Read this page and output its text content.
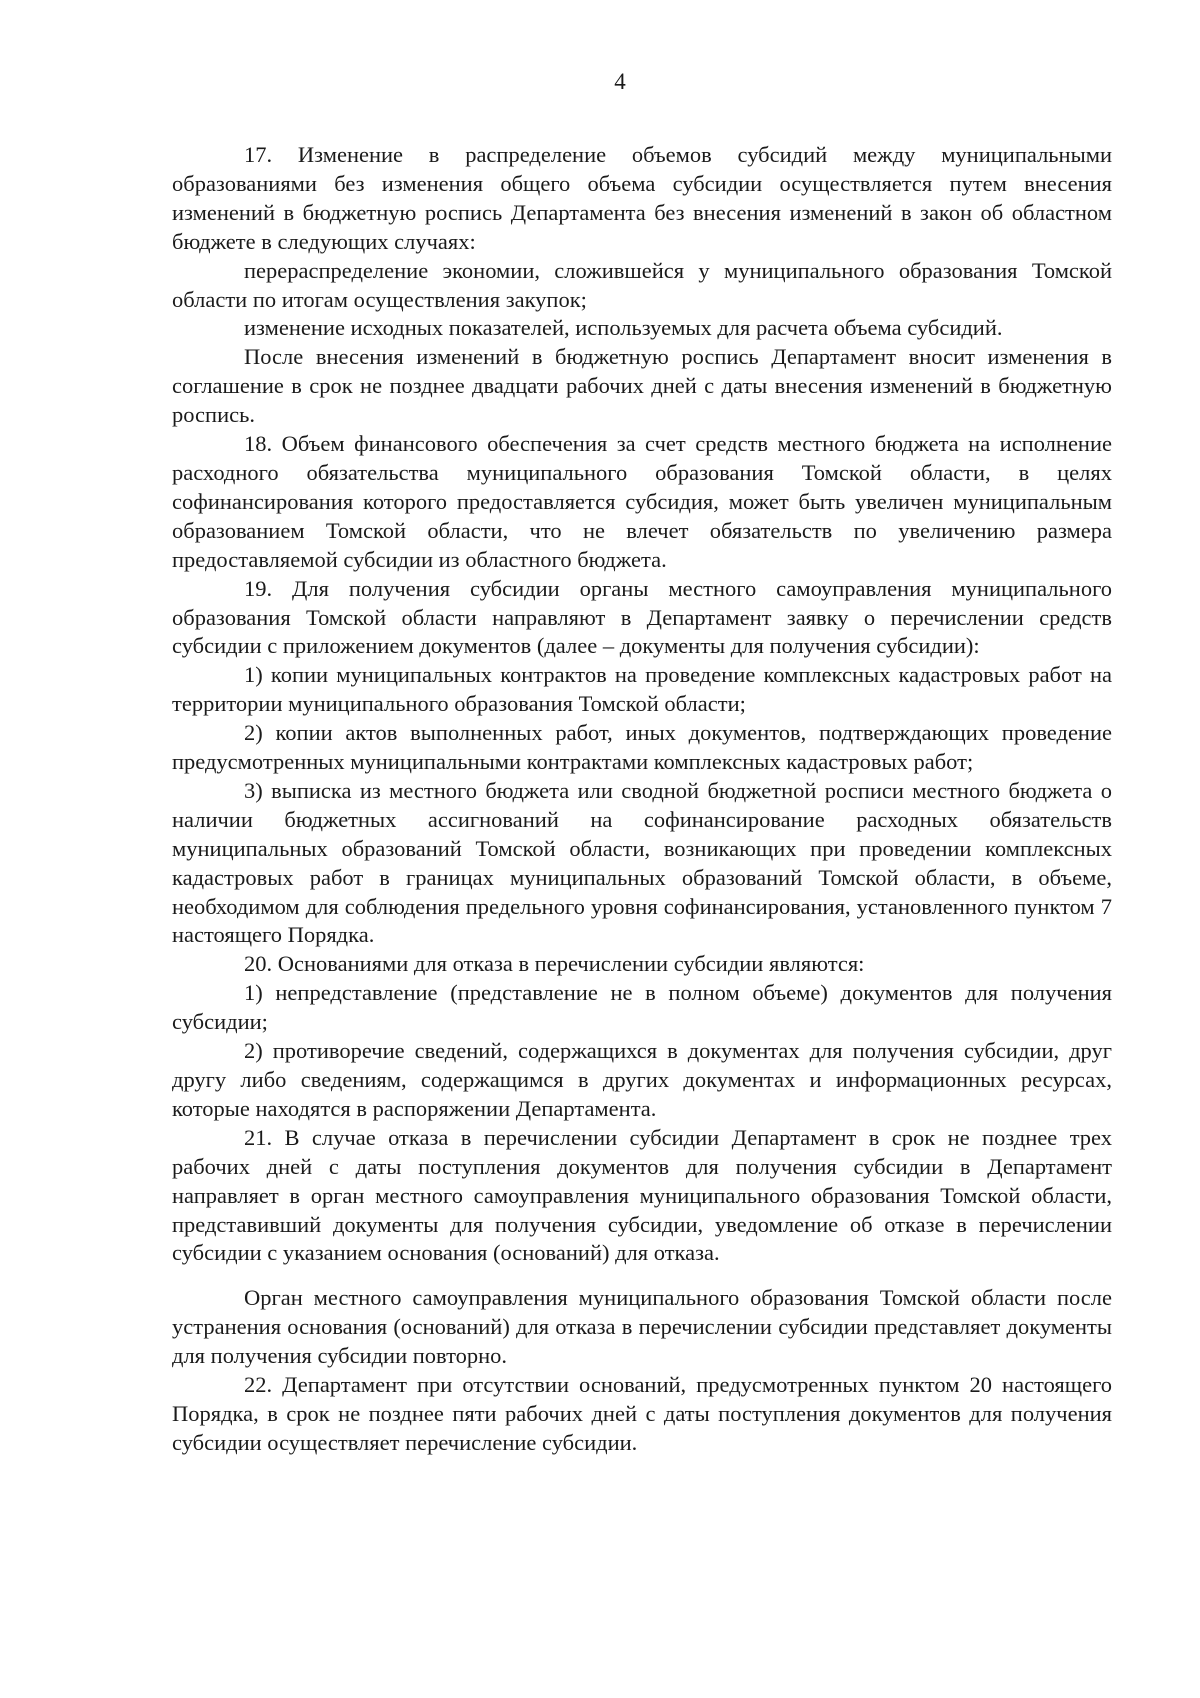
4

17. Изменение в распределение объемов субсидий между муниципальными образованиями без изменения общего объема субсидии осуществляется путем внесения изменений в бюджетную роспись Департамента без внесения изменений в закон об областном бюджете в следующих случаях:

перераспределение экономии, сложившейся у муниципального образования Томской области по итогам осуществления закупок;

изменение исходных показателей, используемых для расчета объема субсидий.

После внесения изменений в бюджетную роспись Департамент вносит изменения в соглашение в срок не позднее двадцати рабочих дней с даты внесения изменений в бюджетную роспись.

18. Объем финансового обеспечения за счет средств местного бюджета на исполнение расходного обязательства муниципального образования Томской области, в целях софинансирования которого предоставляется субсидия, может быть увеличен муниципальным образованием Томской области, что не влечет обязательств по увеличению размера предоставляемой субсидии из областного бюджета.

19. Для получения субсидии органы местного самоуправления муниципального образования Томской области направляют в Департамент заявку о перечислении средств субсидии с приложением документов (далее – документы для получения субсидии):

1) копии муниципальных контрактов на проведение комплексных кадастровых работ на территории муниципального образования Томской области;

2) копии актов выполненных работ, иных документов, подтверждающих проведение предусмотренных муниципальными контрактами комплексных кадастровых работ;

3) выписка из местного бюджета или сводной бюджетной росписи местного бюджета о наличии бюджетных ассигнований на софинансирование расходных обязательств муниципальных образований Томской области, возникающих при проведении комплексных кадастровых работ в границах муниципальных образований Томской области, в объеме, необходимом для соблюдения предельного уровня софинансирования, установленного пунктом 7 настоящего Порядка.

20. Основаниями для отказа в перечислении субсидии являются:

1) непредставление (представление не в полном объеме) документов для получения субсидии;

2) противоречие сведений, содержащихся в документах для получения субсидии, друг другу либо сведениям, содержащимся в других документах и информационных ресурсах, которые находятся в распоряжении Департамента.

21. В случае отказа в перечислении субсидии Департамент в срок не позднее трех рабочих дней с даты поступления документов для получения субсидии в Департамент направляет в орган местного самоуправления муниципального образования Томской области, представивший документы для получения субсидии, уведомление об отказе в перечислении субсидии с указанием основания (оснований) для отказа.

Орган местного самоуправления муниципального образования Томской области после устранения основания (оснований) для отказа в перечислении субсидии представляет документы для получения субсидии повторно.

22. Департамент при отсутствии оснований, предусмотренных пунктом 20 настоящего Порядка, в срок не позднее пяти рабочих дней с даты поступления документов для получения субсидии осуществляет перечисление субсидии.
